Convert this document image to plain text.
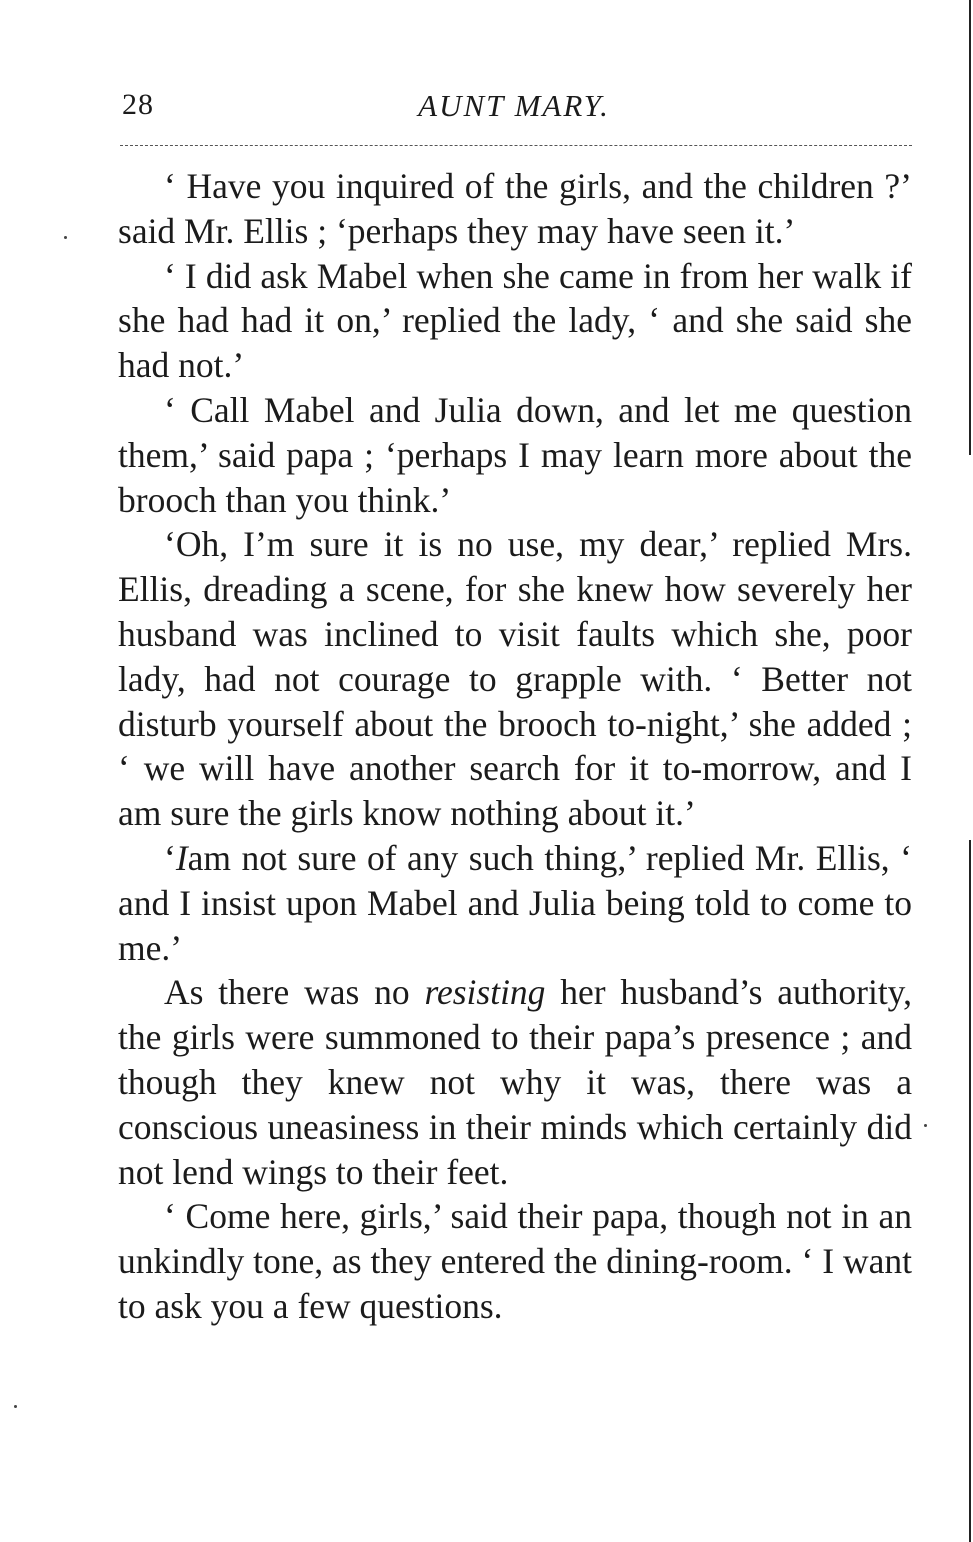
28	AUNT MARY.

‘ Have you inquired of the girls, and the children ?’ said Mr. Ellis ; ‘perhaps they may have seen it.’

‘ I did ask Mabel when she came in from her walk if she had had it on,’ replied the lady, ‘ and she said she had not.’

‘ Call Mabel and Julia down, and let me question them,’ said papa ; ‘perhaps I may learn more about the brooch than you think.’

‘Oh, I’m sure it is no use, my dear,’ replied Mrs. Ellis, dreading a scene, for she knew how severely her husband was inclined to visit faults which she, poor lady, had not courage to grapple with. ‘ Better not disturb yourself about the brooch to-night,’ she added ; ‘ we will have another search for it to-morrow, and I am sure the girls know nothing about it.’

‘Iam not sure of any such thing,’ replied Mr. Ellis, ‘ and I insist upon Mabel and Julia being told to come to me.’

As there was no resisting her husband’s authority, the girls were summoned to their papa’s presence ; and though they knew not why it was, there was a conscious uneasiness in their minds which certainly did not lend wings to their feet.

‘ Come here, girls,’ said their papa, though not in an unkindly tone, as they entered the dining-room. ‘ I want to ask you a few questions.
